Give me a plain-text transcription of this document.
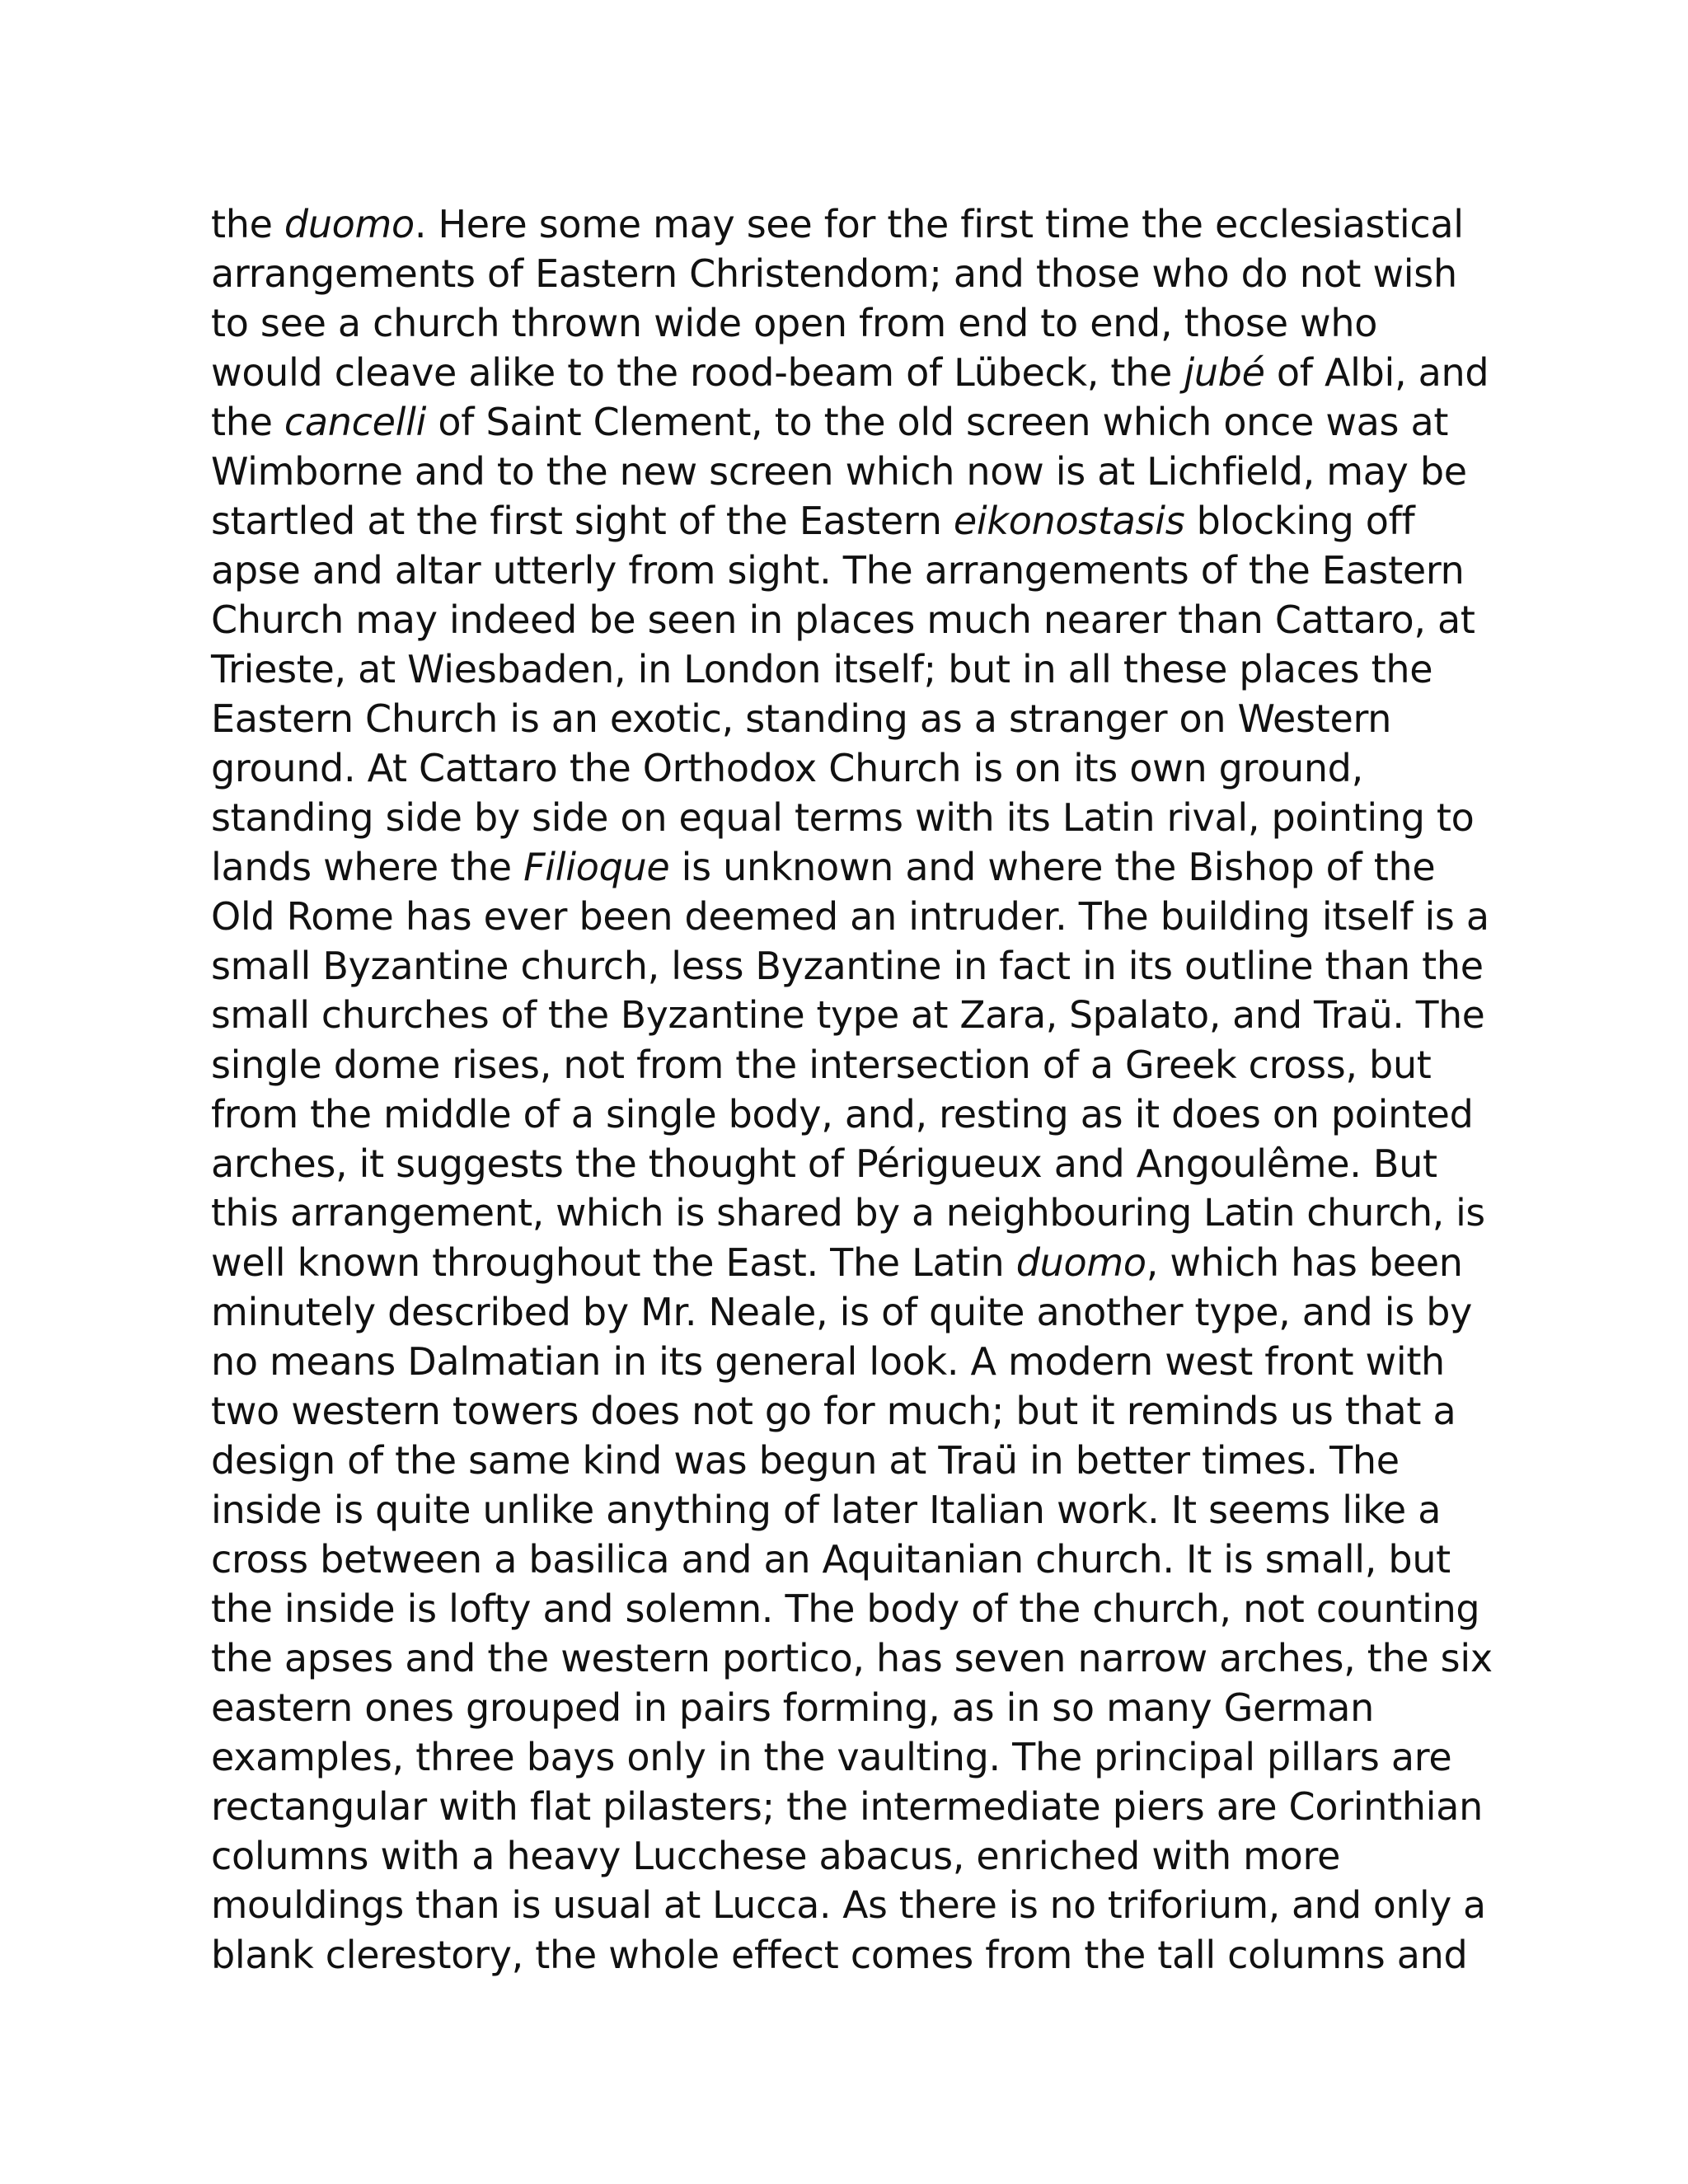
the duomo. Here some may see for the first time the ecclesiastical
arrangements of Eastern Christendom; and those who do not wish
to see a church thrown wide open from end to end, those who
would cleave alike to the rood-beam of Lübeck, the jubé of Albi, and
the cancelli of Saint Clement, to the old screen which once was at
Wimborne and to the new screen which now is at Lichfield, may be
startled at the first sight of the Eastern eikonostasis blocking off
apse and altar utterly from sight. The arrangements of the Eastern
Church may indeed be seen in places much nearer than Cattaro, at
Trieste, at Wiesbaden, in London itself; but in all these places the
Eastern Church is an exotic, standing as a stranger on Western
ground. At Cattaro the Orthodox Church is on its own ground,
standing side by side on equal terms with its Latin rival, pointing to
lands where the Filioque is unknown and where the Bishop of the
Old Rome has ever been deemed an intruder. The building itself is a
small Byzantine church, less Byzantine in fact in its outline than the
small churches of the Byzantine type at Zara, Spalato, and Traü. The
single dome rises, not from the intersection of a Greek cross, but
from the middle of a single body, and, resting as it does on pointed
arches, it suggests the thought of Périgueux and Angoulême. But
this arrangement, which is shared by a neighbouring Latin church, is
well known throughout the East. The Latin duomo, which has been
minutely described by Mr. Neale, is of quite another type, and is by
no means Dalmatian in its general look. A modern west front with
two western towers does not go for much; but it reminds us that a
design of the same kind was begun at Traü in better times. The
inside is quite unlike anything of later Italian work. It seems like a
cross between a basilica and an Aquitanian church. It is small, but
the inside is lofty and solemn. The body of the church, not counting
the apses and the western portico, has seven narrow arches, the six
eastern ones grouped in pairs forming, as in so many German
examples, three bays only in the vaulting. The principal pillars are
rectangular with flat pilasters; the intermediate piers are Corinthian
columns with a heavy Lucchese abacus, enriched with more
mouldings than is usual at Lucca. As there is no triforium, and only a
blank clerestory, the whole effect comes from the tall columns and
